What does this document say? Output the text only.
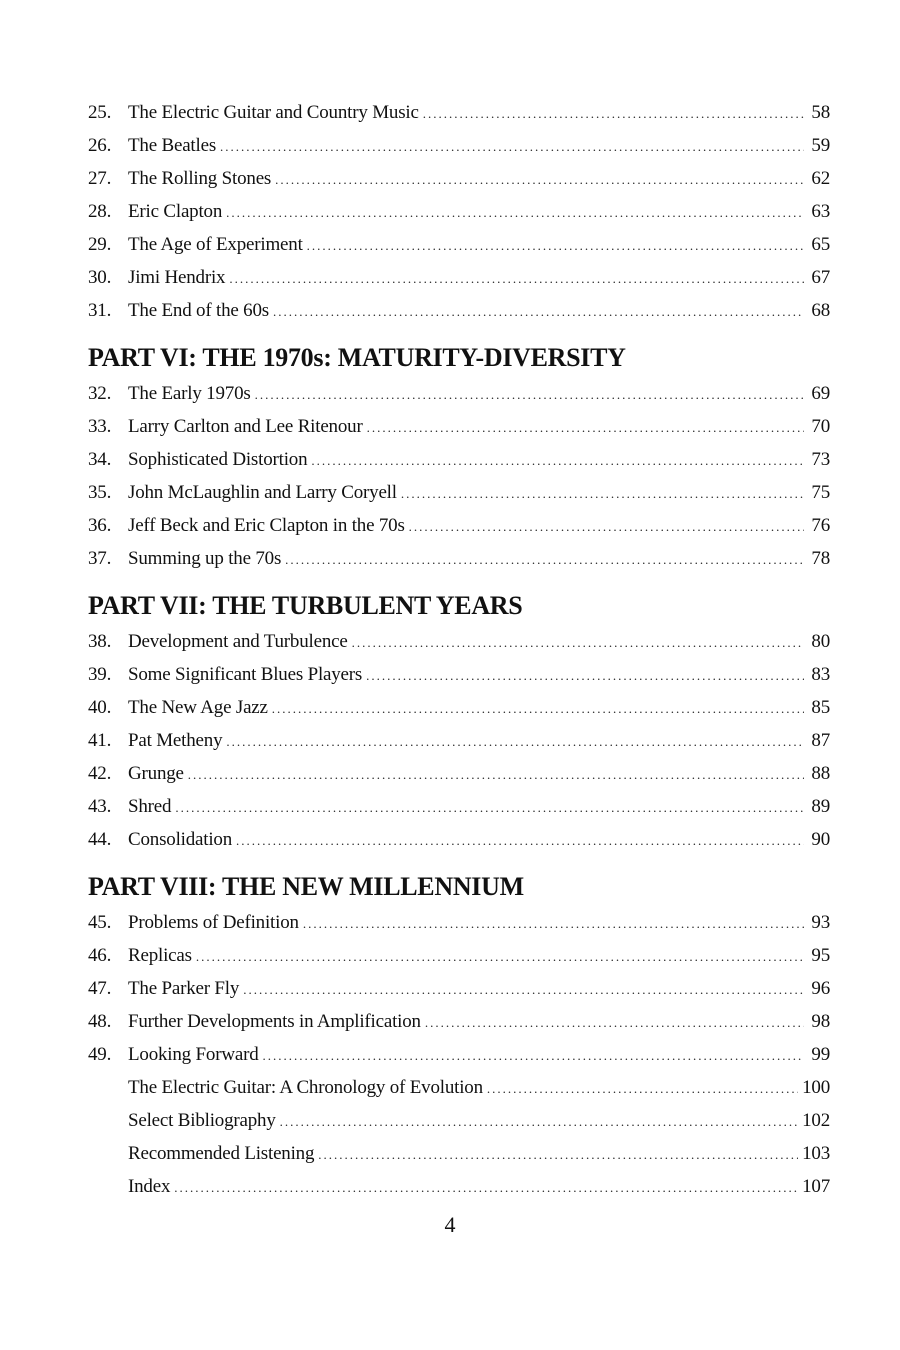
25. The Electric Guitar and Country Music .....	58
26. The Beatles .....	59
27. The Rolling Stones .....	62
28. Eric Clapton .....	63
29. The Age of Experiment .....	65
30. Jimi Hendrix .....	67
31. The End of the 60s .....	68
PART VI: THE 1970s: MATURITY-DIVERSITY
32. The Early 1970s .....	69
33. Larry Carlton and Lee Ritenour .....	70
34. Sophisticated Distortion .....	73
35. John McLaughlin and Larry Coryell .....	75
36. Jeff Beck and Eric Clapton in the 70s .....	76
37. Summing up the 70s .....	78
PART VII: THE TURBULENT YEARS
38. Development and Turbulence .....	80
39. Some Significant Blues Players .....	83
40. The New Age Jazz .....	85
41. Pat Metheny .....	87
42. Grunge .....	88
43. Shred .....	89
44. Consolidation .....	90
PART VIII: THE NEW MILLENNIUM
45. Problems of Definition .....	93
46. Replicas .....	95
47. The Parker Fly .....	96
48. Further Developments in Amplification .....	98
49. Looking Forward .....	99
The Electric Guitar: A Chronology of Evolution .....	100
Select Bibliography .....	102
Recommended Listening .....	103
Index .....	107
4
